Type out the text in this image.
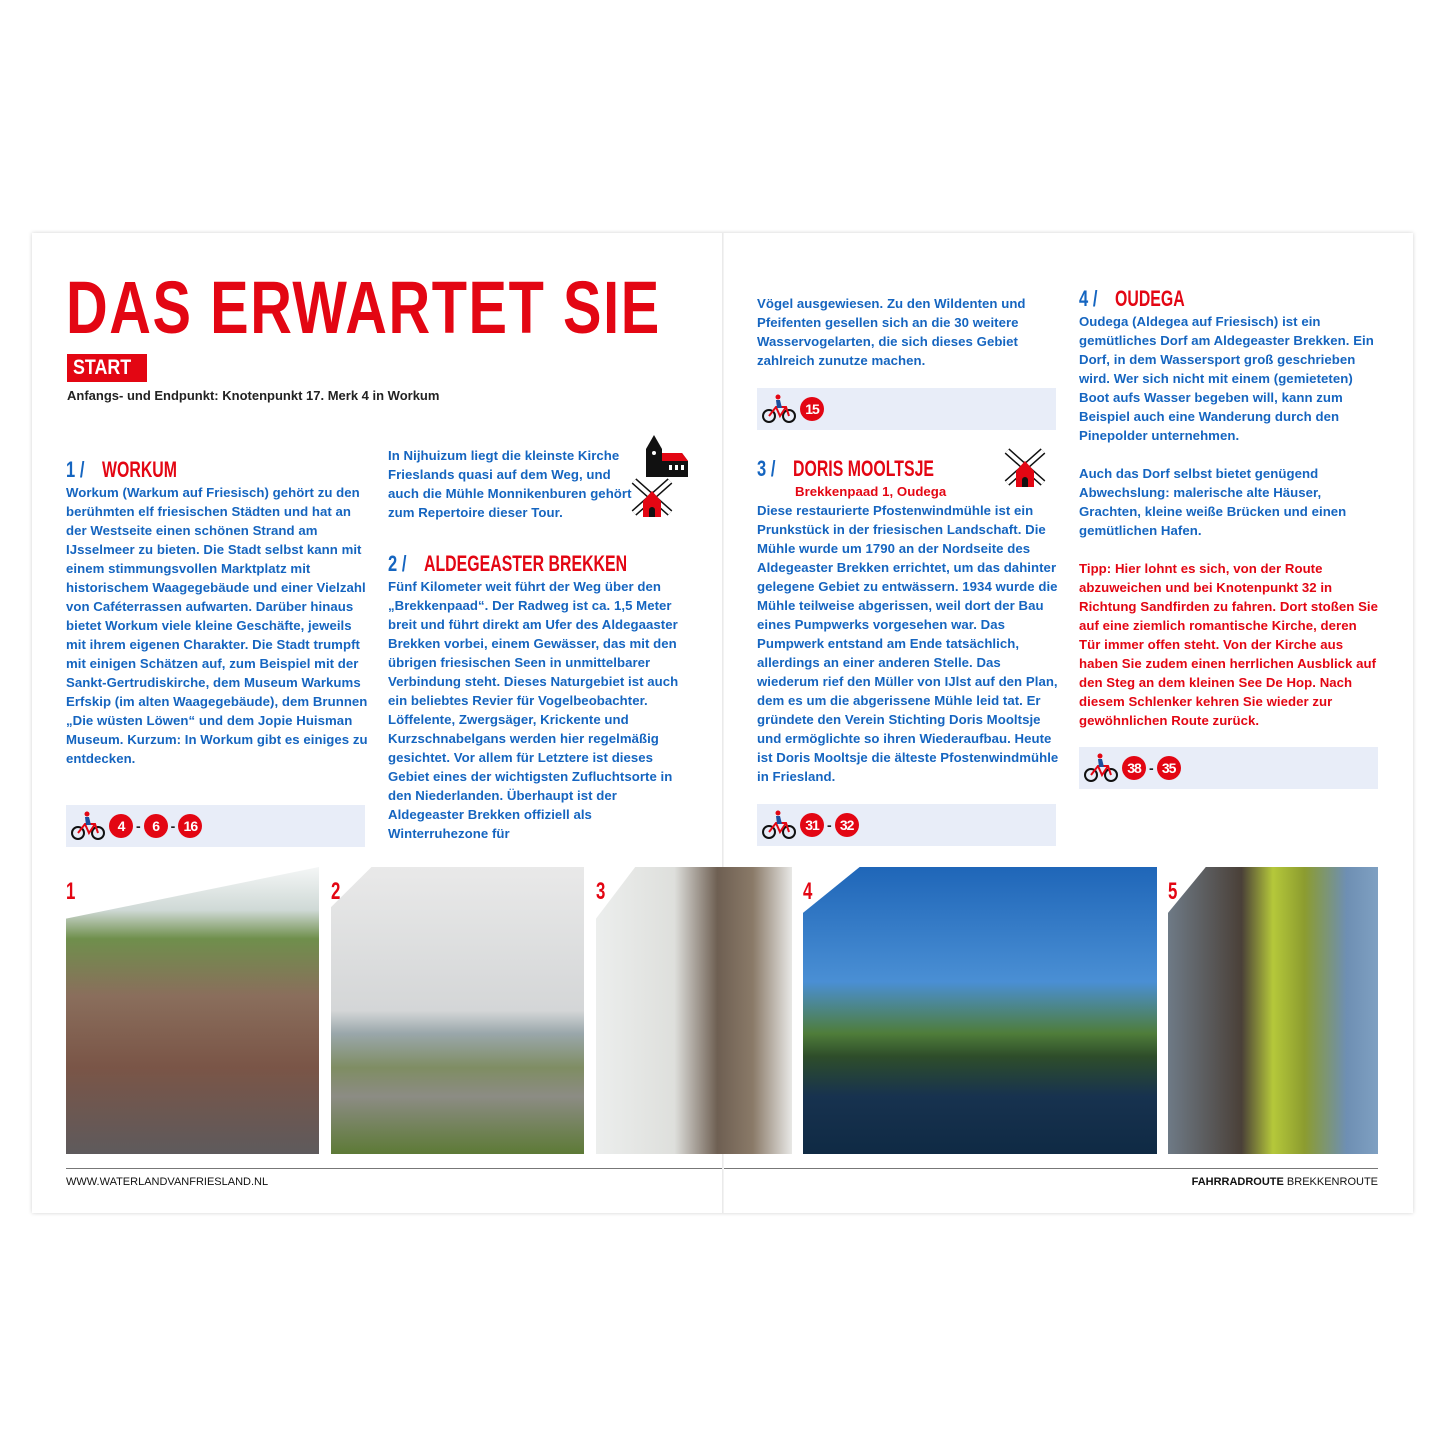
DAS ERWARTET SIE
START
Anfangs- und Endpunkt: Knotenpunkt 17. Merk 4 in Workum
1 / WORKUM

Workum (Warkum auf Friesisch) gehört zu den berühmten elf friesischen Städten und hat an der Westseite einen schönen Strand am IJsselmeer zu bieten. Die Stadt selbst kann mit einem stimmungsvollen Marktplatz mit historischem Waagegebäude und einer Vielzahl von Caféterrassen aufwarten. Darüber hinaus bietet Workum viele kleine Geschäfte, jeweils mit ihrem eigenen Charakter. Die Stadt trumpft mit einigen Schätzen auf, zum Beispiel mit der Sankt-Gertrudiskirche, dem Museum Warkums Erfskip (im alten Waagegebäude), dem Brunnen „Die wüsten Löwen“ und dem Jopie Huisman Museum. Kurzum: In Workum gibt es einiges zu entdecken.

4 - 6 - 16

In Nijhuizum liegt die kleinste Kirche Frieslands quasi auf dem Weg, und auch die Mühle Monnikenburen gehört zum Repertoire dieser Tour.

2 / ALDEGEASTER BREKKEN

Fünf Kilometer weit führt der Weg über den „Brekkenpaad“. Der Radweg ist ca. 1,5 Meter breit und führt direkt am Ufer des Aldegaaster Brekken vorbei, einem Gewässer, das mit den übrigen friesischen Seen in unmittelbarer Verbindung steht. Dieses Naturgebiet ist auch ein beliebtes Revier für Vogelbeobachter. Löffelente, Zwergsäger, Krickente und Kurzschnabelgans werden hier regelmäßig gesichtet. Vor allem für Letztere ist dieses Gebiet eines der wichtigsten Zufluchtsorte in den Niederlanden. Überhaupt ist der Aldegeaster Brekken offiziell als Winterruhezone für

Vögel ausgewiesen. Zu den Wildenten und Pfeifenten gesellen sich an die 30 weitere Wasservogelarten, die sich dieses Gebiet zahlreich zunutze machen.

15
3 / DORIS MOOLTSJE
Brekkenpaad 1, Oudega

Diese restaurierte Pfostenwindmühle ist ein Prunkstück in der friesischen Landschaft. Die Mühle wurde um 1790 an der Nordseite des Aldegeaster Brekken errichtet, um das dahinter gelegene Gebiet zu entwässern. 1934 wurde die Mühle teilweise abgerissen, weil dort der Bau eines Pumpwerks vorgesehen war. Das Pumpwerk entstand am Ende tatsächlich, allerdings an einer anderen Stelle. Das wiederum rief den Müller von IJlst auf den Plan, dem es um die abgerissene Mühle leid tat. Er gründete den Verein Stichting Doris Mooltsje und ermöglichte so ihren Wiederaufbau. Heute ist Doris Mooltsje die älteste Pfostenwindmühle in Friesland.

31 - 32
4 / OUDEGA

Oudega (Aldegea auf Friesisch) ist ein gemütliches Dorf am Aldegeaster Brekken. Ein Dorf, in dem Wassersport groß geschrieben wird. Wer sich nicht mit einem (gemieteten) Boot aufs Wasser begeben will, kann zum Beispiel auch eine Wanderung durch den Pinepolder unternehmen.

Auch das Dorf selbst bietet genügend Abwechslung: malerische alte Häuser, Grachten, kleine weiße Brücken und einen gemütlichen Hafen.

Tipp: Hier lohnt es sich, von der Route abzuweichen und bei Knotenpunkt 32 in Richtung Sandfirden zu fahren. Dort stoßen Sie auf eine ziemlich romantische Kirche, deren Tür immer offen steht. Von der Kirche aus haben Sie zudem einen herrlichen Ausblick auf den Steg an dem kleinen See De Hop. Nach diesem Schlenker kehren Sie wieder zur gewöhnlichen Route zurück.

38 - 35
1	2	3	4	5
WWW.WATERLANDVANFRIESLAND.NL	FAHRRADROUTE BREKKENROUTE
